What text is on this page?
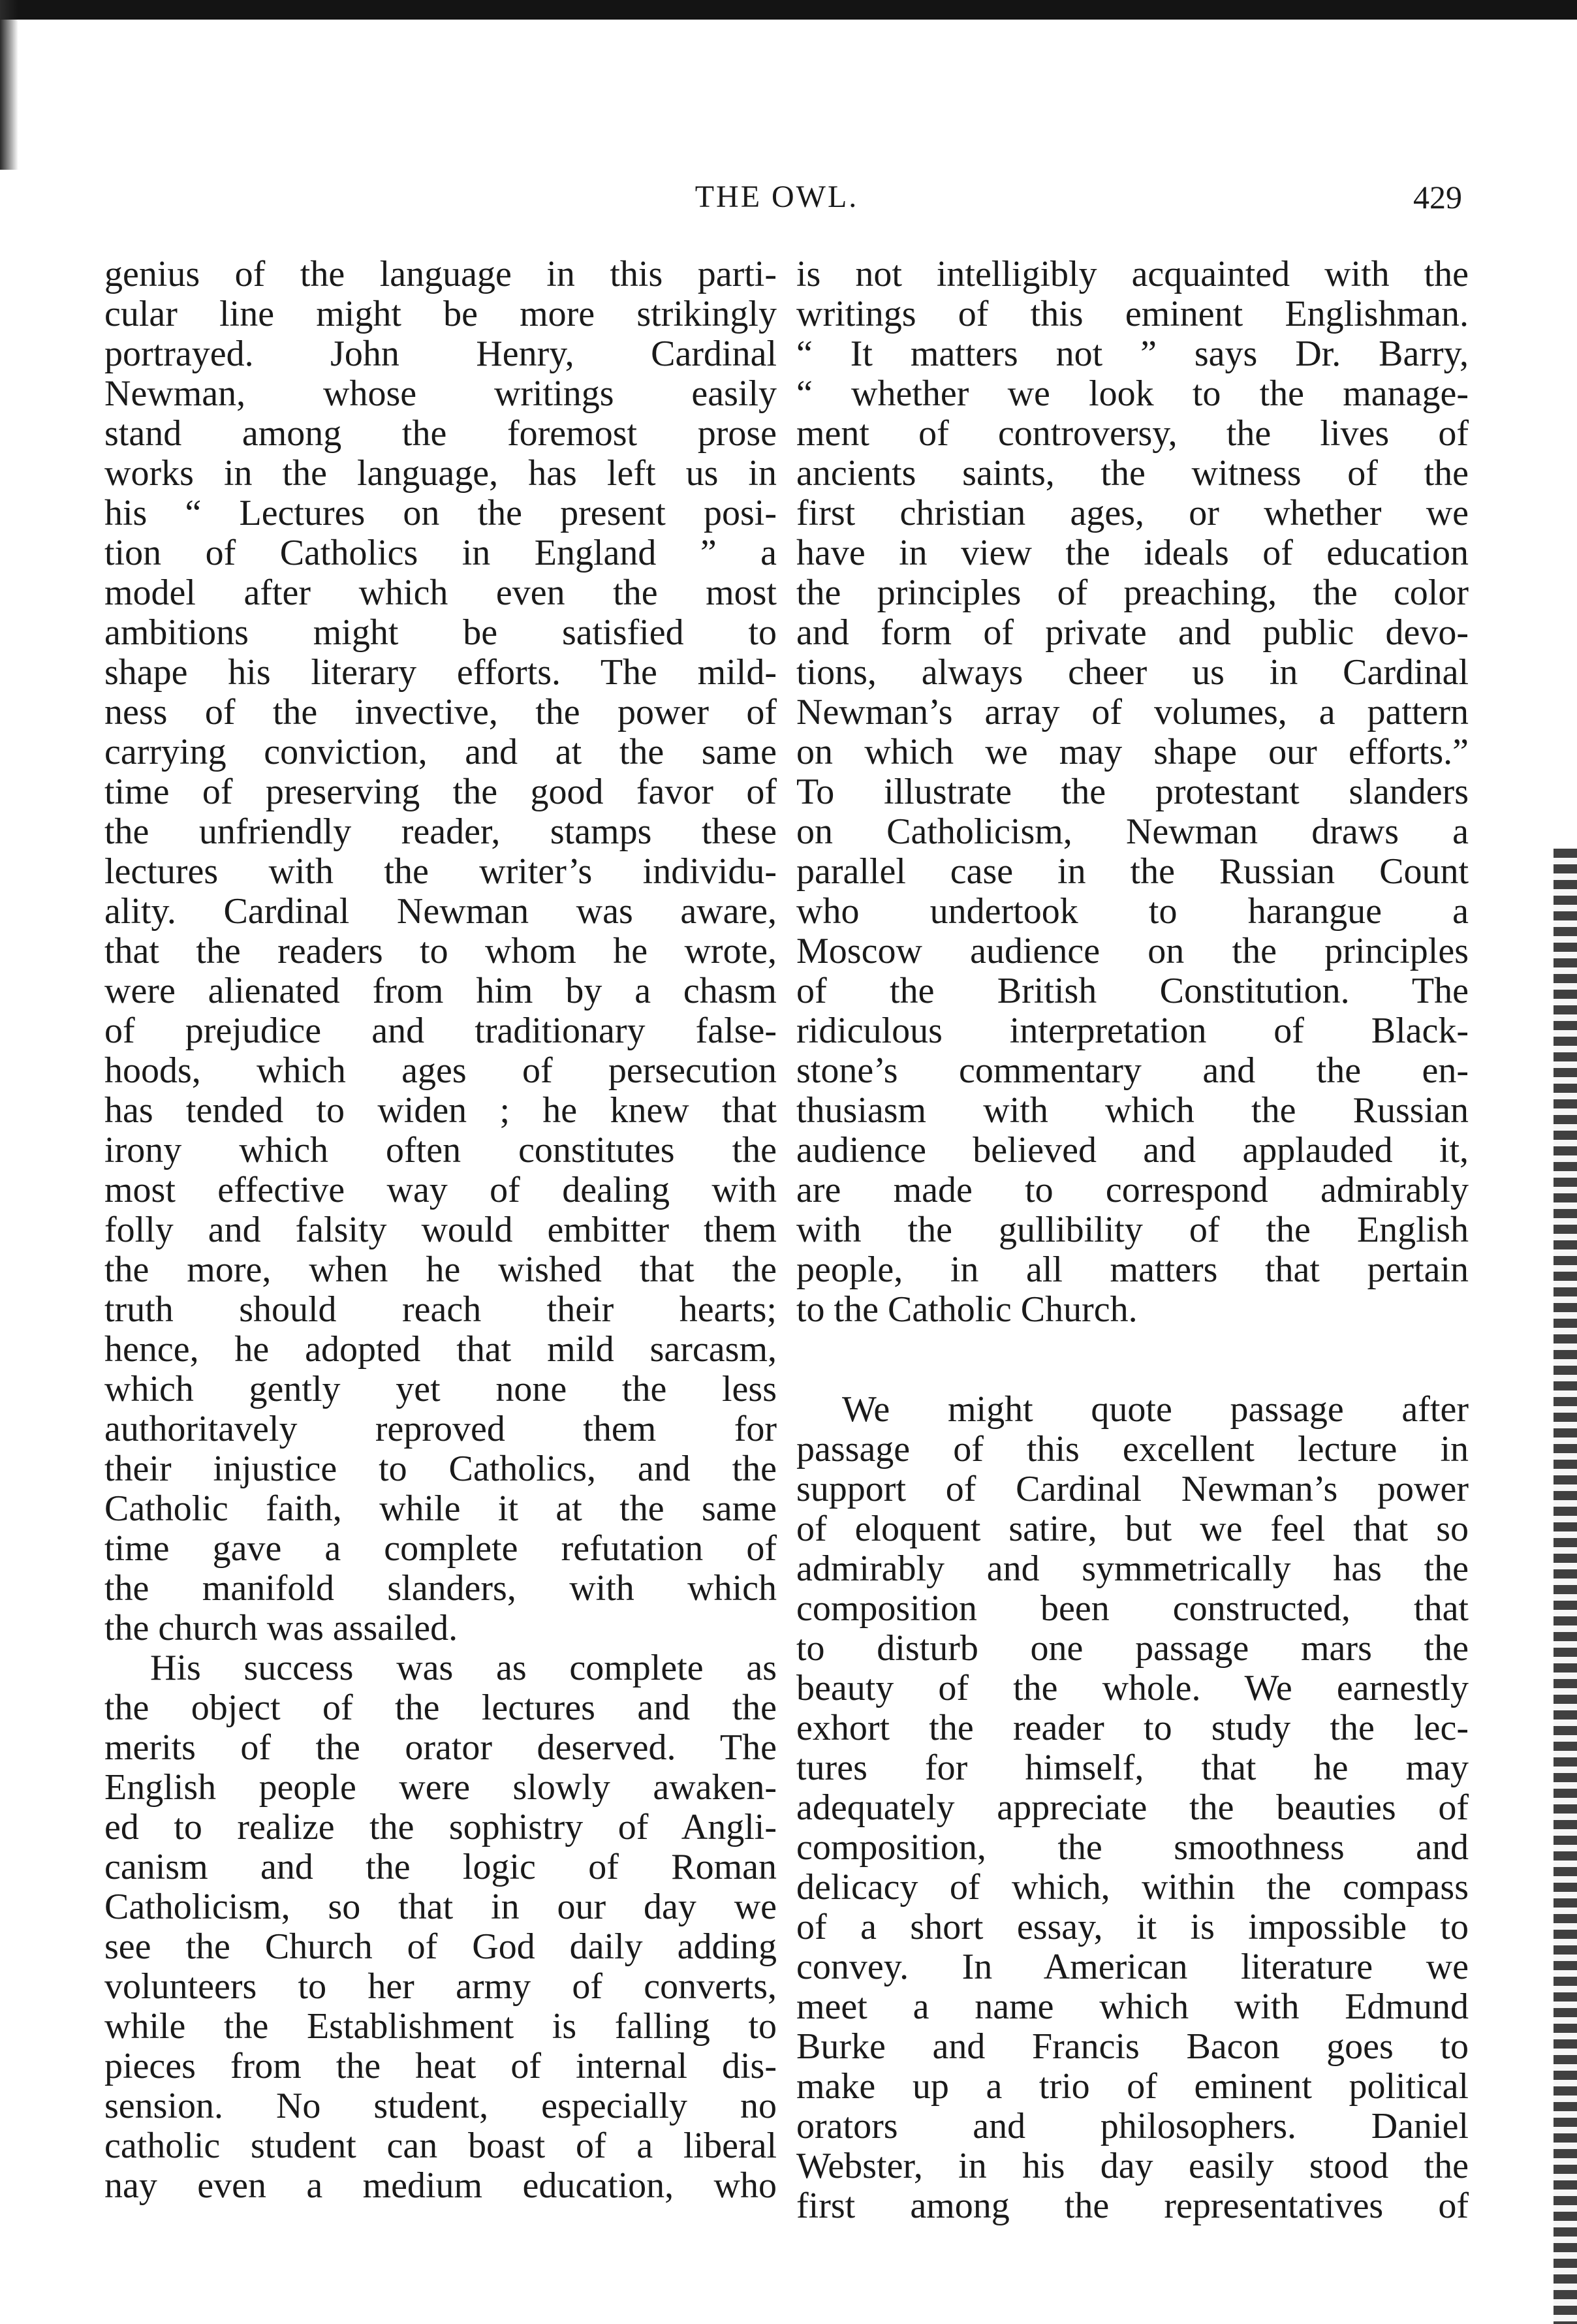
THE OWL.	429
genius of the language in this parti-
cular line might be more strikingly
portrayed. John Henry, Cardinal
Newman, whose writings easily
stand among the foremost prose
works in the language, has left us in
his “ Lectures on the present posi-
tion of Catholics in England ” a
model after which even the most
ambitions might be satisfied to
shape his literary efforts. The mild-
ness of the invective, the power of
carrying conviction, and at the same
time of preserving the good favor of
the unfriendly reader, stamps these
lectures with the writer’s individu-
ality. Cardinal Newman was aware,
that the readers to whom he wrote,
were alienated from him by a chasm
of prejudice and traditionary false-
hoods, which ages of persecution
has tended to widen ; he knew that
irony which often constitutes the
most effective way of dealing with
folly and falsity would embitter them
the more, when he wished that the
truth should reach their hearts;
hence, he adopted that mild sarcasm,
which gently yet none the less
authoritavely reproved them for
their injustice to Catholics, and the
Catholic faith, while it at the same
time gave a complete refutation of
the manifold slanders, with which
the church was assailed.
His success was as complete as
the object of the lectures and the
merits of the orator deserved. The
English people were slowly awaken-
ed to realize the sophistry of Angli-
canism and the logic of Roman
Catholicism, so that in our day we
see the Church of God daily adding
volunteers to her army of converts,
while the Establishment is falling to
pieces from the heat of internal dis-
sension. No student, especially no
catholic student can boast of a liberal
nay even a medium education, who
is not intelligibly acquainted with the
writings of this eminent Englishman.
“ It matters not ” says Dr. Barry,
“ whether we look to the manage-
ment of controversy, the lives of
ancients saints, the witness of the
first christian ages, or whether we
have in view the ideals of education
the principles of preaching, the color
and form of private and public devo-
tions, always cheer us in Cardinal
Newman’s array of volumes, a pattern
on which we may shape our efforts.”
To illustrate the protestant slanders
on Catholicism, Newman draws a
parallel case in the Russian Count
who undertook to harangue a
Moscow audience on the principles
of the British Constitution. The
ridiculous interpretation of Black-
stone’s commentary and the en-
thusiasm with which the Russian
audience believed and applauded it,
are made to correspond admirably
with the gullibility of the English
people, in all matters that pertain
to the Catholic Church.
We might quote passage after
passage of this excellent lecture in
support of Cardinal Newman’s power
of eloquent satire, but we feel that so
admirably and symmetrically has the
composition been constructed, that
to disturb one passage mars the
beauty of the whole. We earnestly
exhort the reader to study the lec-
tures for himself, that he may
adequately appreciate the beauties of
composition, the smoothness and
delicacy of which, within the compass
of a short essay, it is impossible to
convey. In American literature we
meet a name which with Edmund
Burke and Francis Bacon goes to
make up a trio of eminent political
orators and philosophers. Daniel
Webster, in his day easily stood the
first among the representatives of
